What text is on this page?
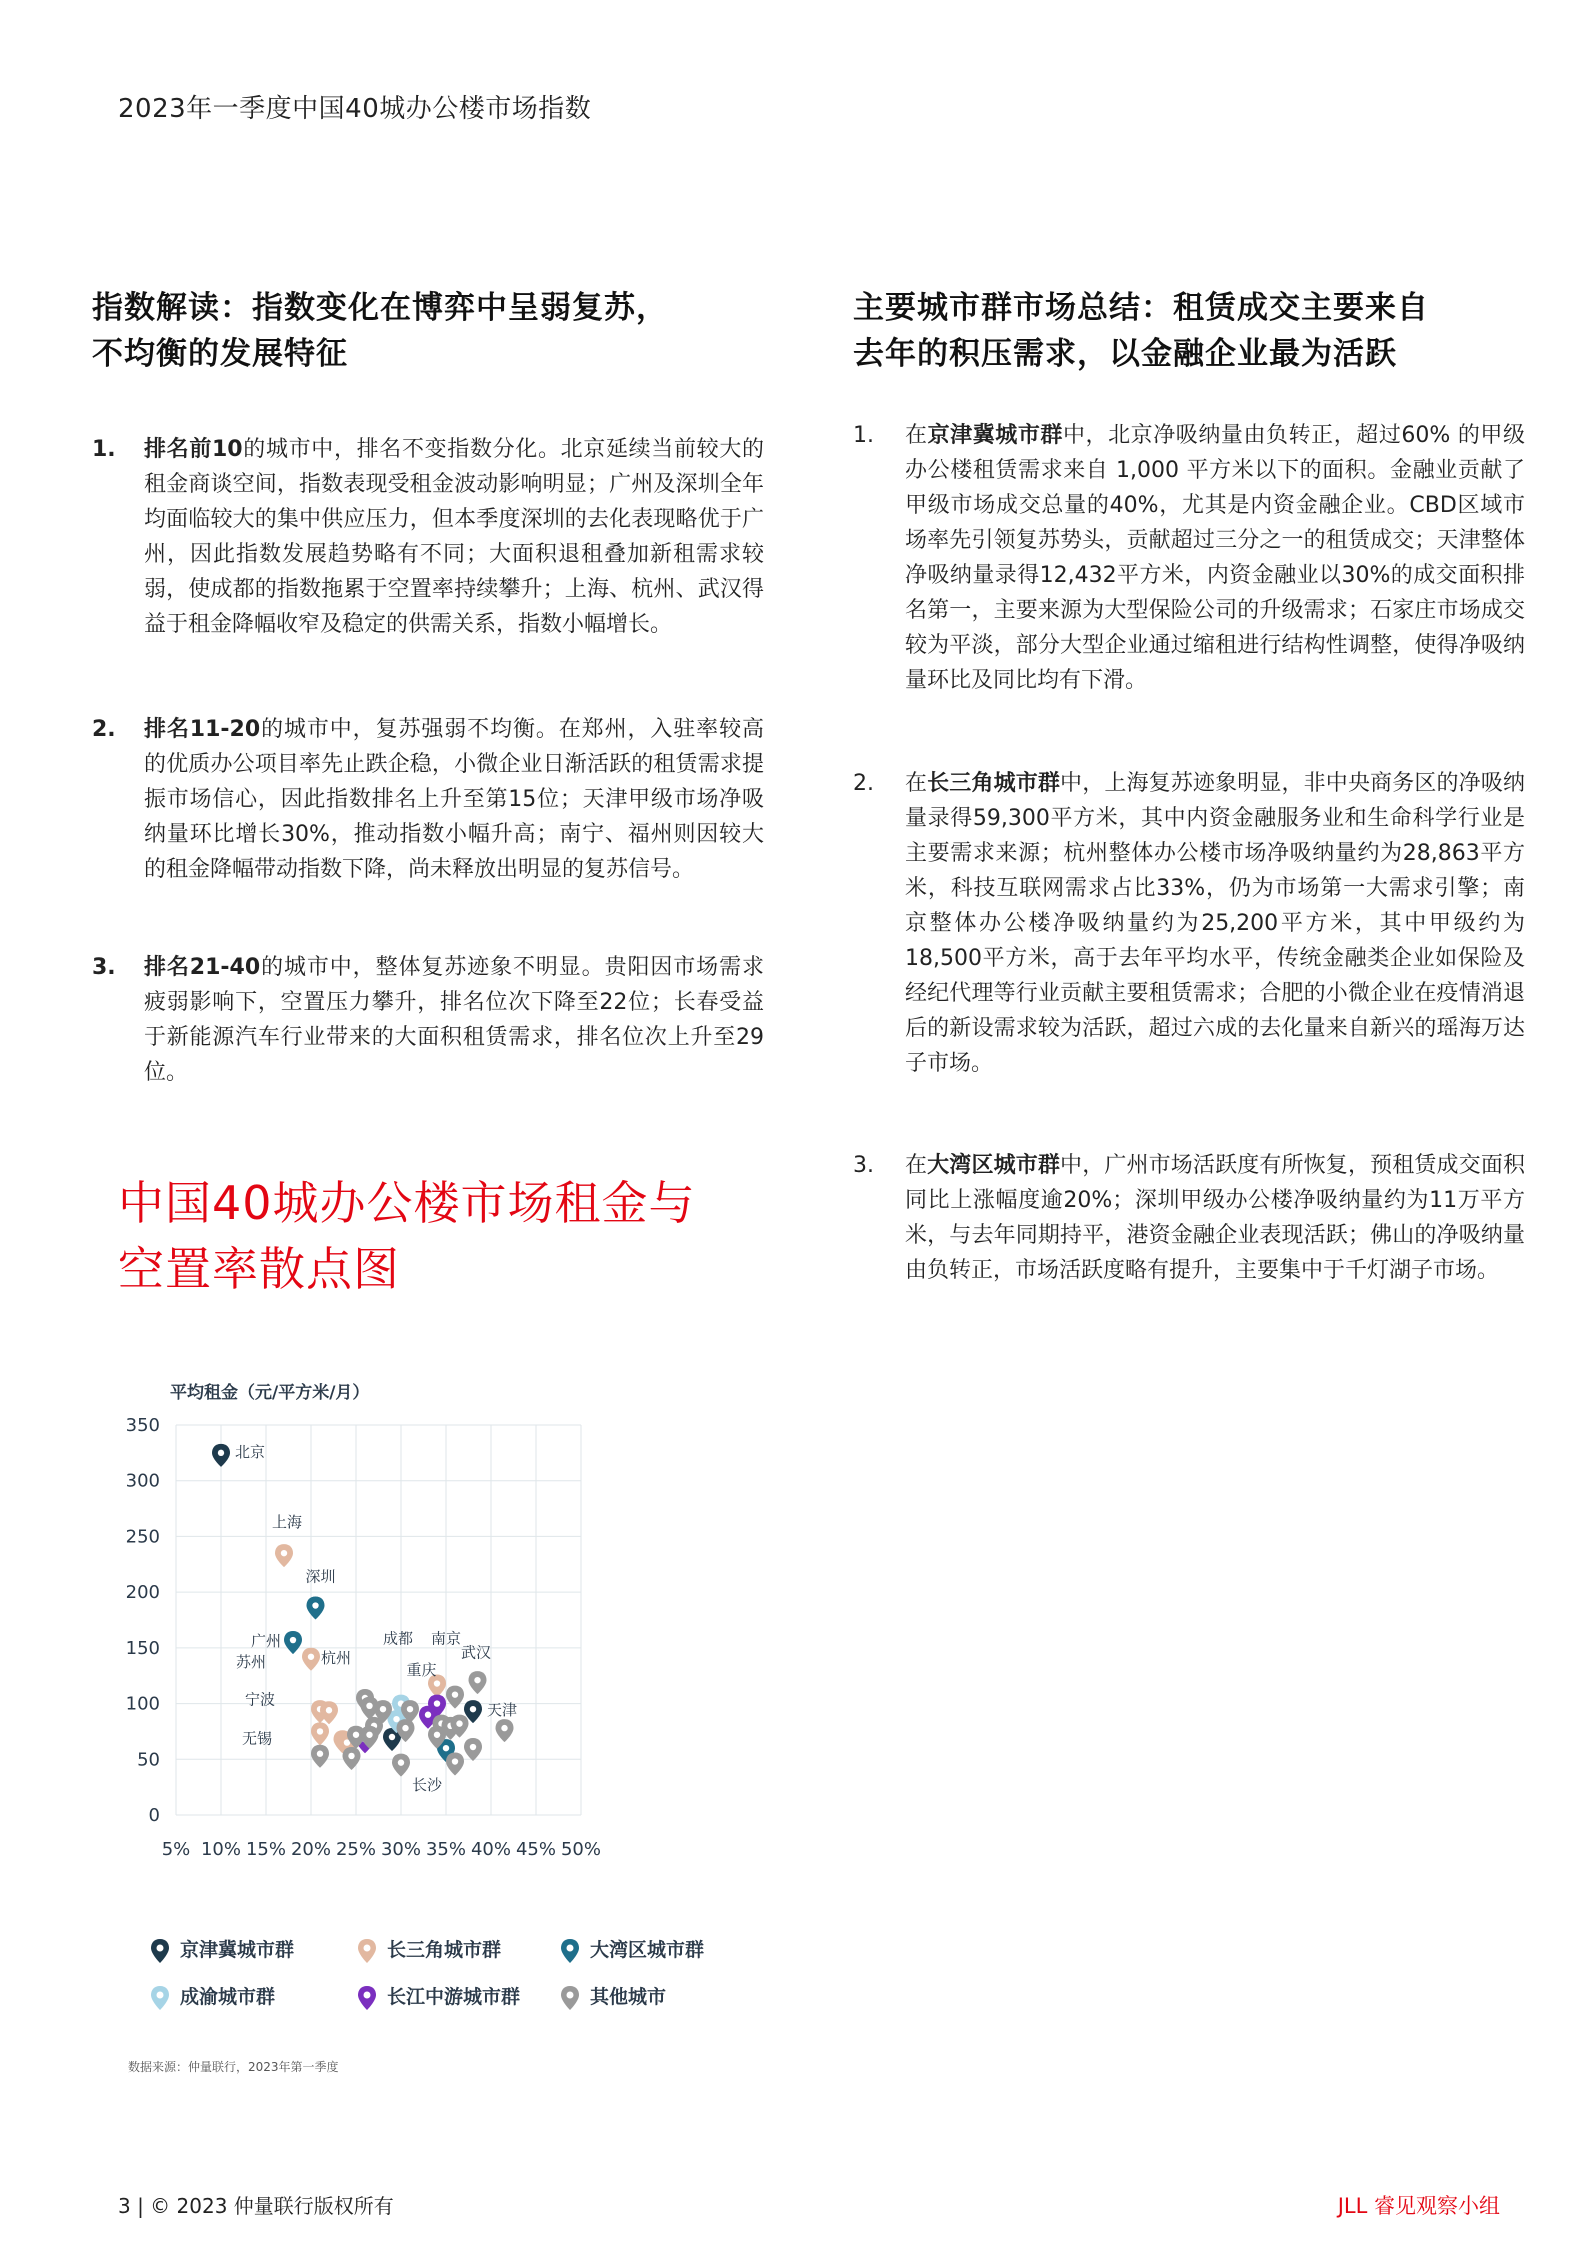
2023年一季度中国40城办公楼市场指数
指数解读：指数变化在博弈中呈弱复苏，
不均衡的发展特征
1. 排名前10的城市中，排名不变指数分化。北京延续当前较大的租金商谈空间，指数表现受租金波动影响明显；广州及深圳全年均面临较大的集中供应压力，但本季度深圳的去化表现略优于广州，因此指数发展趋势略有不同；大面积退租叠加新租需求较弱，使成都的指数拖累于空置率持续攀升；上海、杭州、武汉得益于租金降幅收窄及稳定的供需关系，指数小幅增长。
2. 排名11-20的城市中，复苏强弱不均衡。在郑州，入驻率较高的优质办公项目率先止跌企稳，小微企业日渐活跃的租赁需求提振市场信心，因此指数排名上升至第15位；天津甲级市场净吸纳量环比增长30%，推动指数小幅升高；南宁、福州则因较大的租金降幅带动指数下降，尚未释放出明显的复苏信号。
3. 排名21-40的城市中，整体复苏迹象不明显。贵阳因市场需求疲弱影响下，空置压力攀升，排名位次下降至22位；长春受益于新能源汽车行业带来的大面积租赁需求，排名位次上升至29位。
主要城市群市场总结：租赁成交主要来自
去年的积压需求，以金融企业最为活跃
1. 在京津冀城市群中，北京净吸纳量由负转正，超过60% 的甲级办公楼租赁需求来自 1,000 平方米以下的面积。金融业贡献了甲级市场成交总量的40%，尤其是内资金融企业。CBD区域市场率先引领复苏势头，贡献超过三分之一的租赁成交；天津整体净吸纳量录得12,432平方米，内资金融业以30%的成交面积排名第一，主要来源为大型保险公司的升级需求；石家庄市场成交较为平淡，部分大型企业通过缩租进行结构性调整，使得净吸纳量环比及同比均有下滑。
2. 在长三角城市群中，上海复苏迹象明显，非中央商务区的净吸纳量录得59,300平方米，其中内资金融服务业和生命科学行业是主要需求来源；杭州整体办公楼市场净吸纳量约为28,863平方米，科技互联网需求占比33%，仍为市场第一大需求引擎；南京整体办公楼净吸纳量约为25,200平方米，其中甲级约为 18,500平方米，高于去年平均水平，传统金融类企业如保险及经纪代理等行业贡献主要租赁需求；合肥的小微企业在疫情消退后的新设需求较为活跃，超过六成的去化量来自新兴的瑶海万达子市场。
3. 在大湾区城市群中，广州市场活跃度有所恢复，预租赁成交面积同比上涨幅度逾20%；深圳甲级办公楼净吸纳量约为11万平方米，与去年同期持平，港资金融企业表现活跃；佛山的净吸纳量由负转正，市场活跃度略有提升，主要集中于千灯湖子市场。
中国40城办公楼市场租金与
空置率散点图
平均租金（元/平方米/月）
5% 10% 15% 20% 25% 30% 35% 40% 45% 50%
0
50
100
150
200
250
300
350
北京
天津
上海
杭州
苏州
宁波
无锡
南京
深圳
广州
长沙
成都
重庆
武汉
京津冀城市群	长三角城市群	大湾区城市群
成渝城市群	长江中游城市群	其他城市
数据来源：仲量联行，2023年第一季度
3 | © 2023 仲量联行版权所有	JLL 睿见观察小组
